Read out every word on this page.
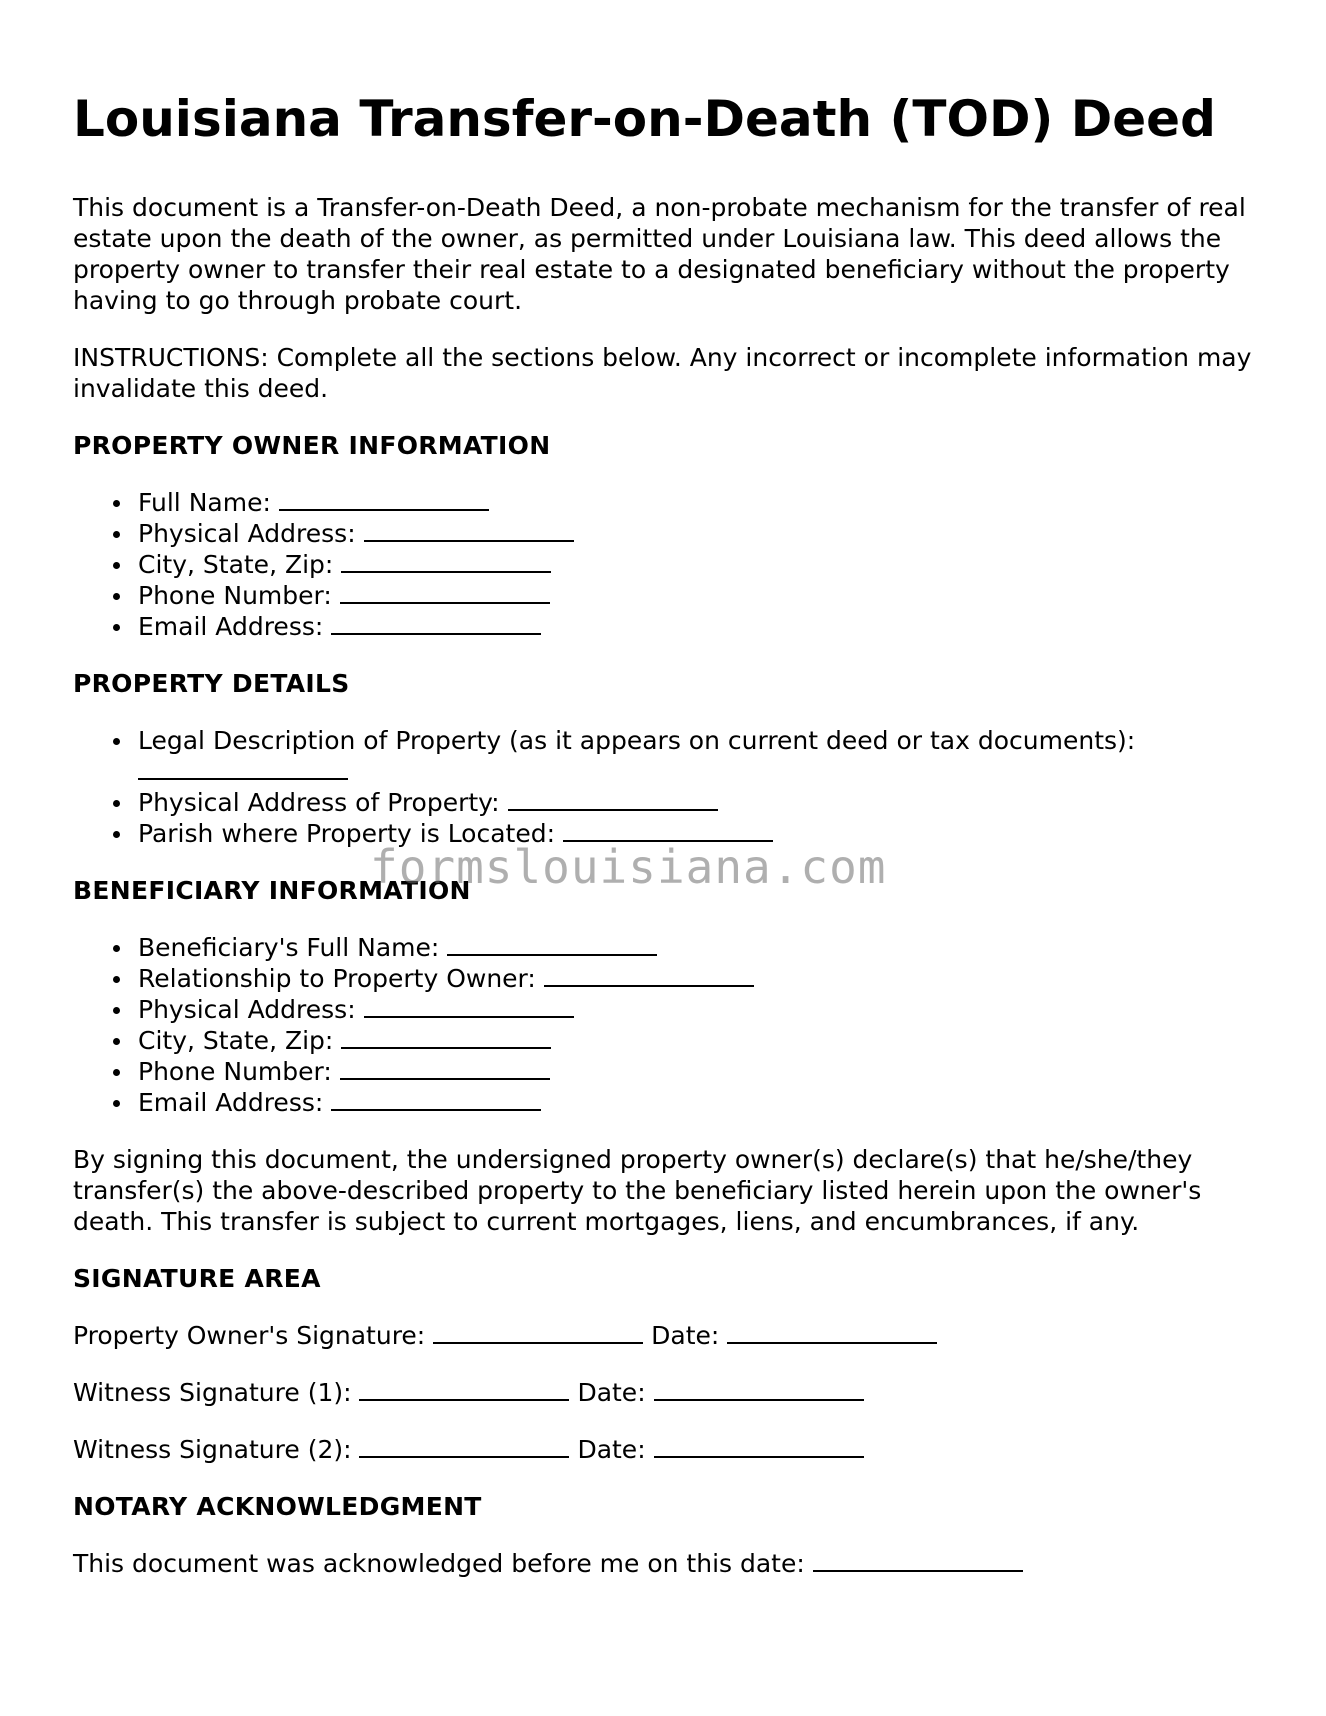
Louisiana Transfer-on-Death (TOD) Deed

This document is a Transfer-on-Death Deed, a non-probate mechanism for the transfer of real estate upon the death of the owner, as permitted under Louisiana law. This deed allows the property owner to transfer their real estate to a designated beneficiary without the property having to go through probate court.

INSTRUCTIONS: Complete all the sections below. Any incorrect or incomplete information may invalidate this deed.

PROPERTY OWNER INFORMATION
Full Name:
Physical Address:
City, State, Zip:
Phone Number:
Email Address:
PROPERTY DETAILS
Legal Description of Property (as it appears on current deed or tax documents):

Physical Address of Property:
Parish where Property is Located:
BENEFICIARY INFORMATION
Beneficiary's Full Name:
Relationship to Property Owner:
Physical Address:
City, State, Zip:
Phone Number:
Email Address:

By signing this document, the undersigned property owner(s) declare(s) that he/she/they transfer(s) the above-described property to the beneficiary listed herein upon the owner's death. This transfer is subject to current mortgages, liens, and encumbrances, if any.

SIGNATURE AREA
Property Owner's Signature:	Date:
Witness Signature (1):	Date:
Witness Signature (2):	Date:
NOTARY ACKNOWLEDGMENT
This document was acknowledged before me on this date:
formslouisiana.com
